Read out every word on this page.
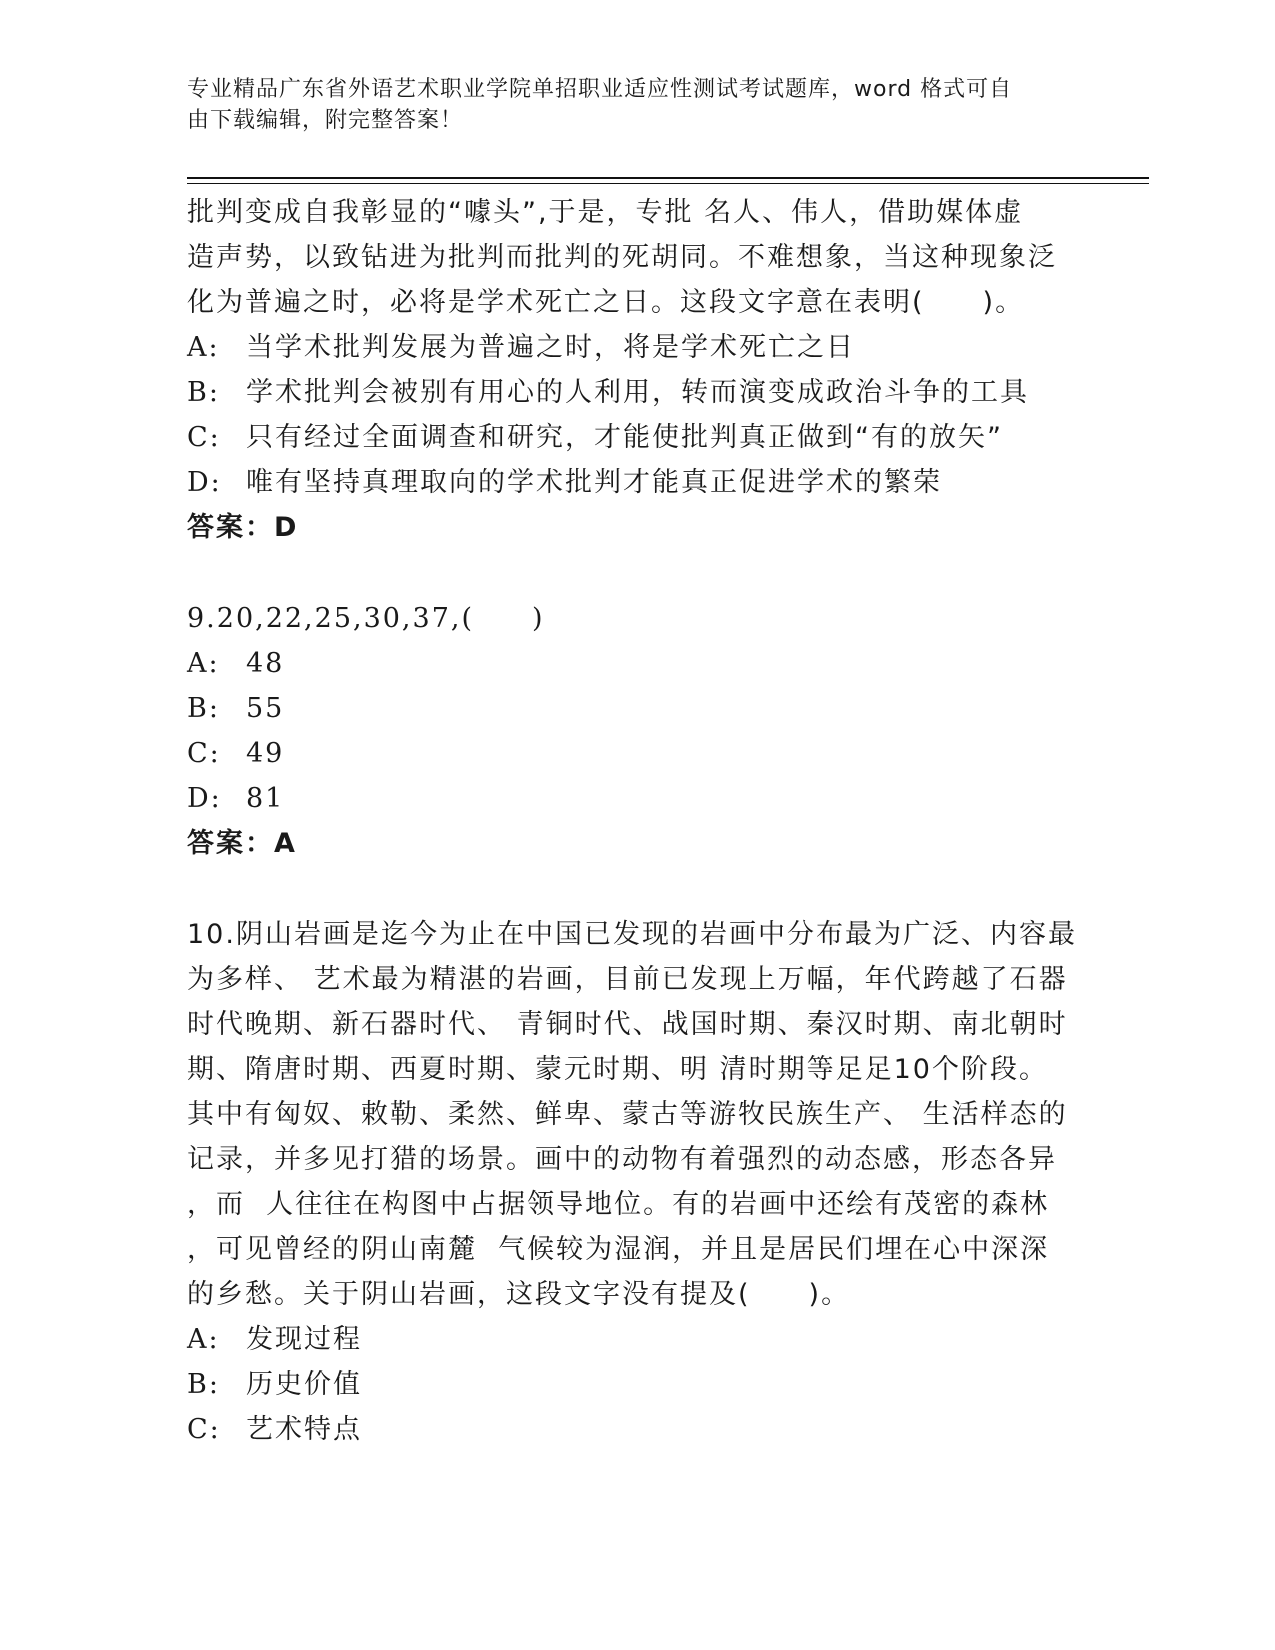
专业精品广东省外语艺术职业学院单招职业适应性测试考试题库，word 格式可自
由下载编辑，附完整答案！
批判变成自我彰显的“噱头”,于是，专批 名人、伟人，借助媒体虚
造声势，以致钻进为批判而批判的死胡同。不难想象，当这种现象泛
化为普遍之时，必将是学术死亡之日。这段文字意在表明(　　)。
A: 当学术批判发展为普遍之时，将是学术死亡之日
B: 学术批判会被别有用心的人利用，转而演变成政治斗争的工具
C: 只有经过全面调查和研究，才能使批判真正做到“有的放矢”
D: 唯有坚持真理取向的学术批判才能真正促进学术的繁荣
答案：D
9.20,22,25,30,37,(　　)
A: 48
B: 55
C: 49
D: 81
答案：A
10.阴山岩画是迄今为止在中国已发现的岩画中分布最为广泛、内容最
为多样、 艺术最为精湛的岩画，目前已发现上万幅，年代跨越了石器
时代晚期、新石器时代、 青铜时代、战国时期、秦汉时期、南北朝时
期、隋唐时期、西夏时期、蒙元时期、明 清时期等足足10个阶段。
其中有匈奴、敕勒、柔然、鲜卑、蒙古等游牧民族生产、 生活样态的
记录，并多见打猎的场景。画中的动物有着强烈的动态感，形态各异
，而  人往往在构图中占据领导地位。有的岩画中还绘有茂密的森林
，可见曾经的阴山南麓  气候较为湿润，并且是居民们埋在心中深深
的乡愁。关于阴山岩画，这段文字没有提及(　　)。
A: 发现过程
B: 历史价值
C: 艺术特点
